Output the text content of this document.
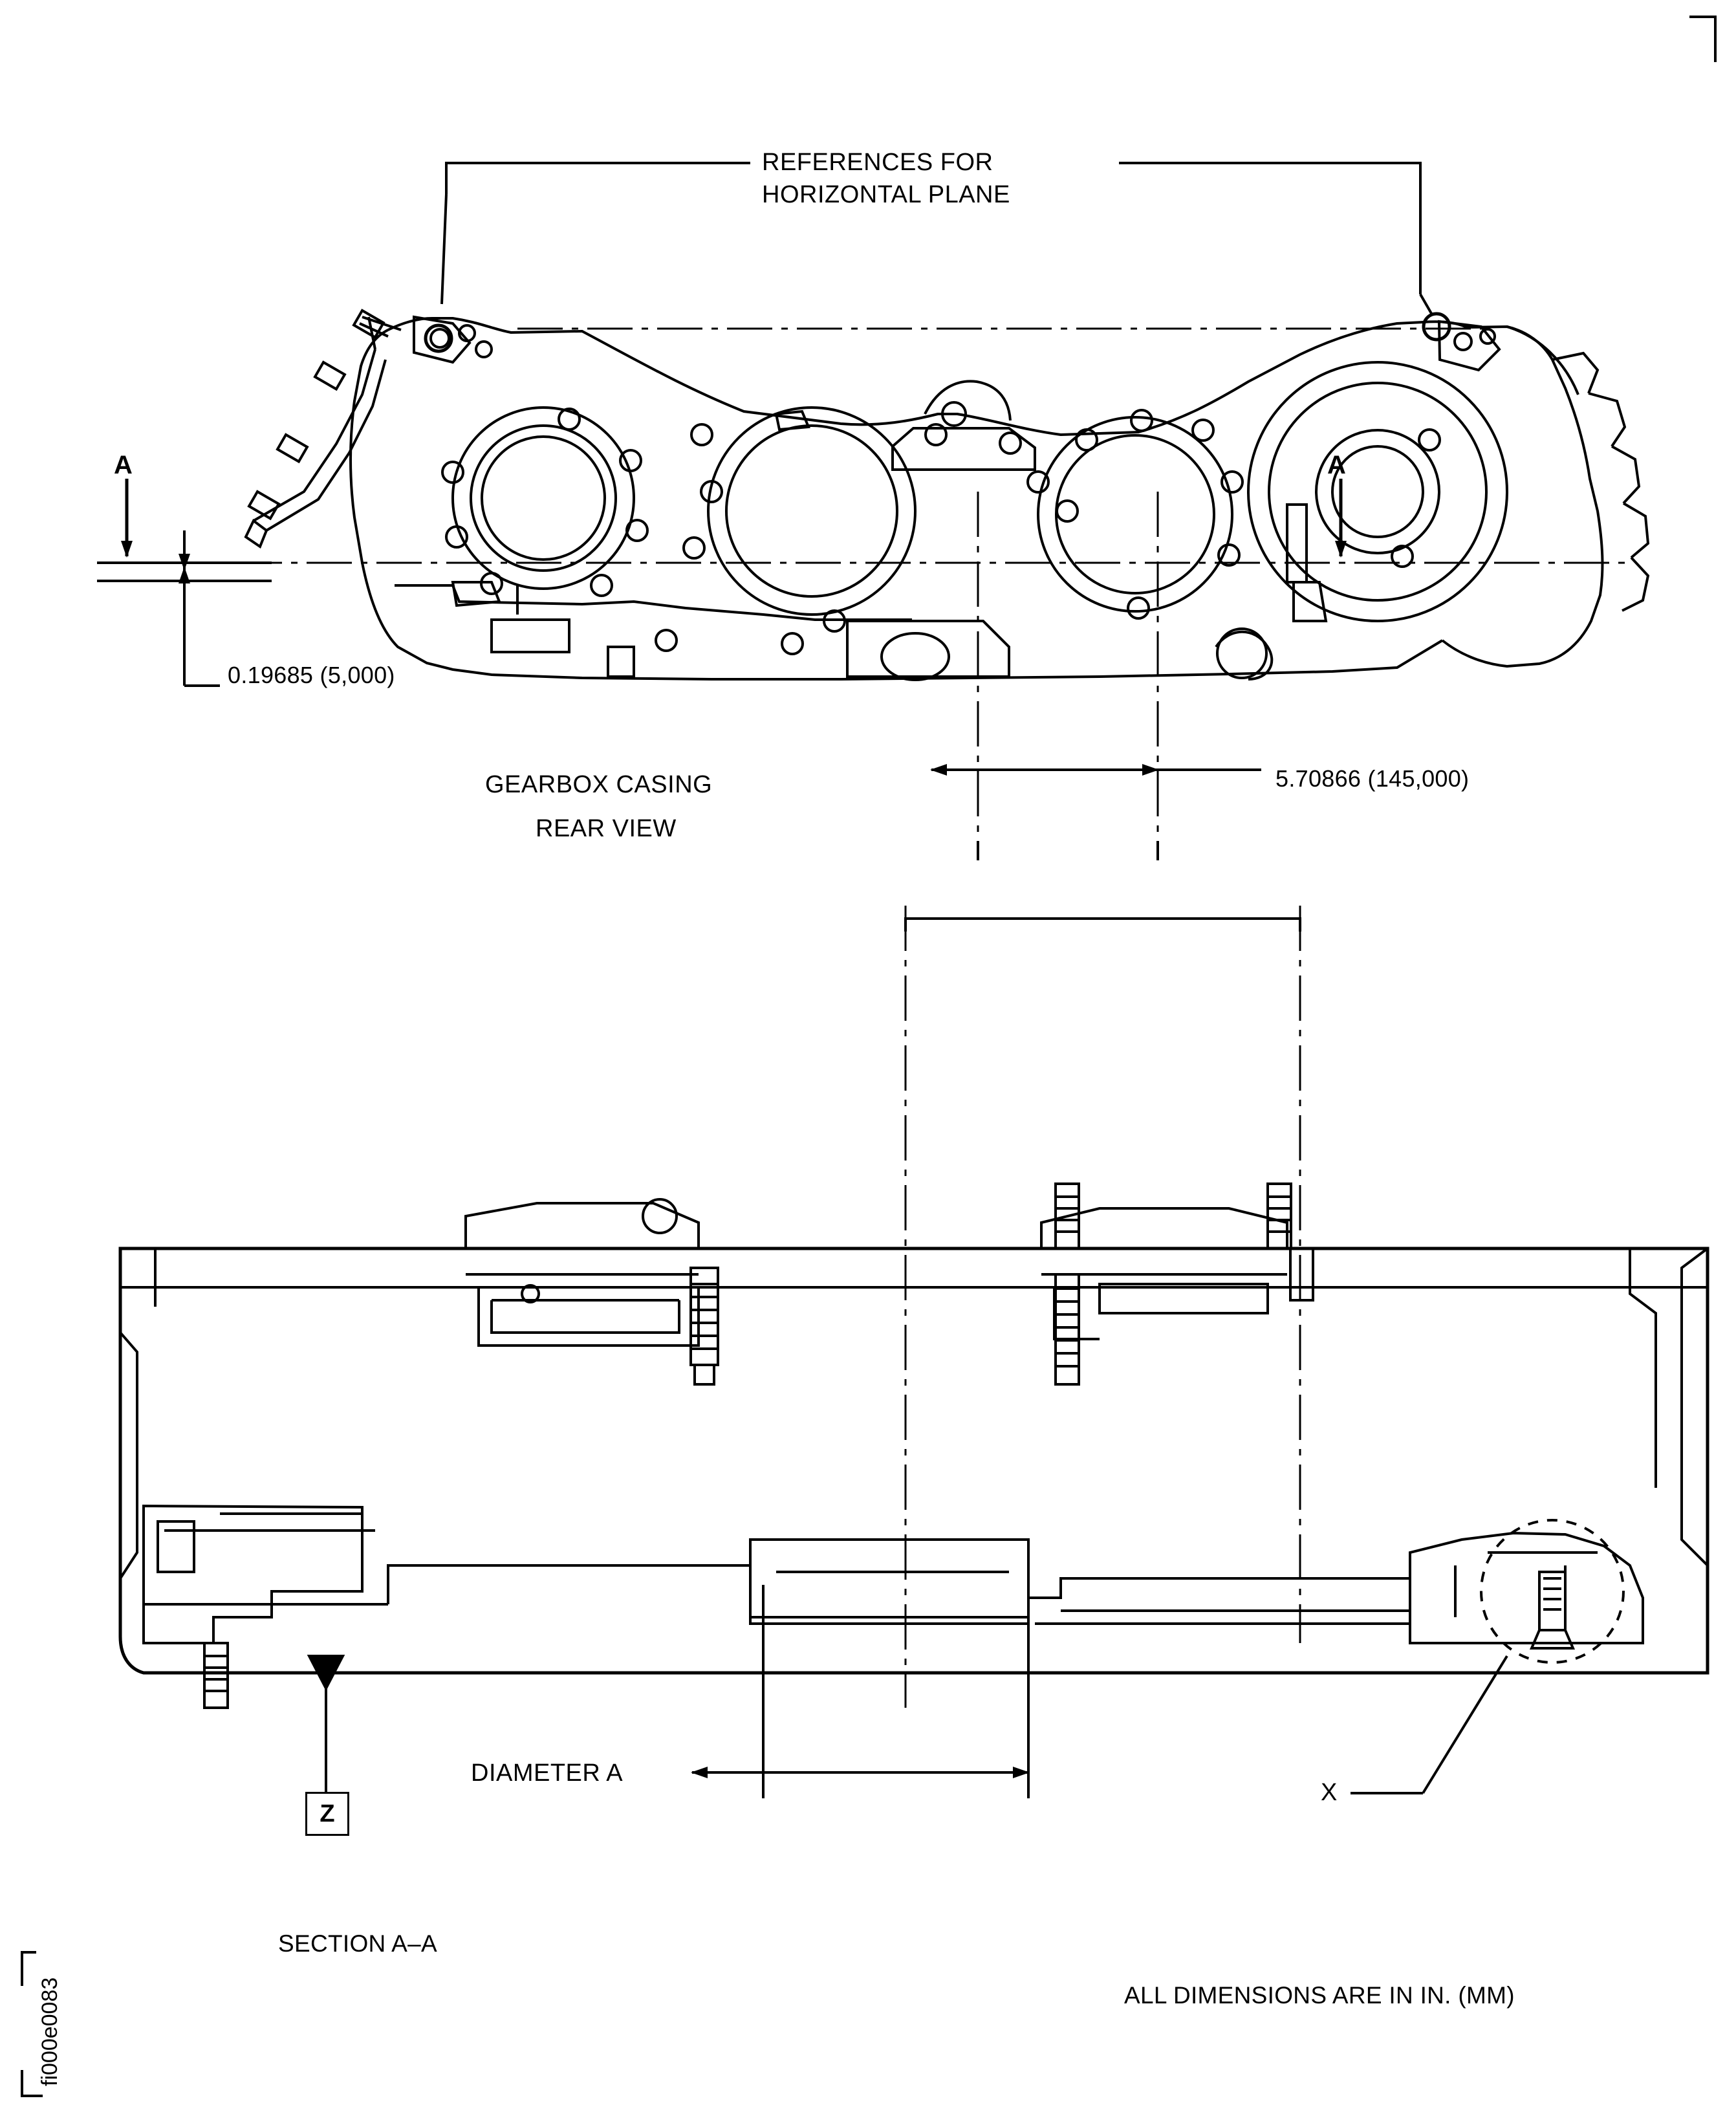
REFERENCES FOR
HORIZONTAL PLANE
A	A
0.19685 (5,000)
GEARBOX CASING
REAR VIEW
5.70866 (145,000)
DIAMETER A
Z
X
SECTION A–A
ALL DIMENSIONS ARE IN IN. (MM)
fi000e0083
